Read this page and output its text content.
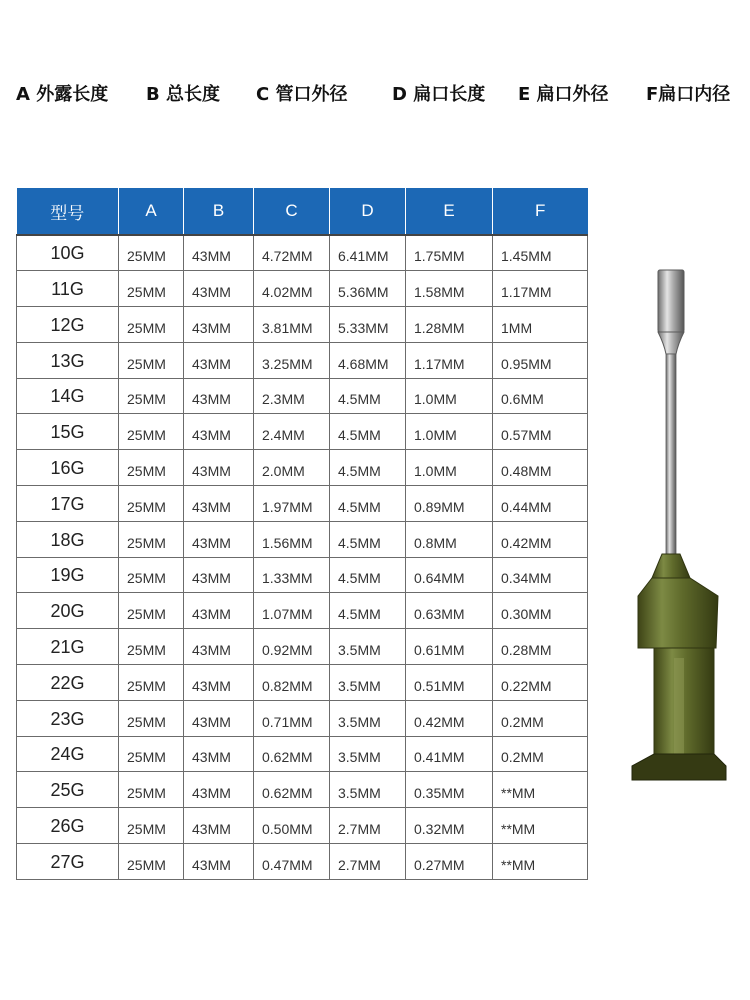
A 外露长度 B 总长度 C 管口外径 D 扁口长度 E 扁口外径 F扁口内径
型号	A	B	C	D	E	F
10G	25MM	43MM	4.72MM	6.41MM	1.75MM	1.45MM
11G	25MM	43MM	4.02MM	5.36MM	1.58MM	1.17MM
12G	25MM	43MM	3.81MM	5.33MM	1.28MM	1MM
13G	25MM	43MM	3.25MM	4.68MM	1.17MM	0.95MM
14G	25MM	43MM	2.3MM	4.5MM	1.0MM	0.6MM
15G	25MM	43MM	2.4MM	4.5MM	1.0MM	0.57MM
16G	25MM	43MM	2.0MM	4.5MM	1.0MM	0.48MM
17G	25MM	43MM	1.97MM	4.5MM	0.89MM	0.44MM
18G	25MM	43MM	1.56MM	4.5MM	0.8MM	0.42MM
19G	25MM	43MM	1.33MM	4.5MM	0.64MM	0.34MM
20G	25MM	43MM	1.07MM	4.5MM	0.63MM	0.30MM
21G	25MM	43MM	0.92MM	3.5MM	0.61MM	0.28MM
22G	25MM	43MM	0.82MM	3.5MM	0.51MM	0.22MM
23G	25MM	43MM	0.71MM	3.5MM	0.42MM	0.2MM
24G	25MM	43MM	0.62MM	3.5MM	0.41MM	0.2MM
25G	25MM	43MM	0.62MM	3.5MM	0.35MM	**MM
26G	25MM	43MM	0.50MM	2.7MM	0.32MM	**MM
27G	25MM	43MM	0.47MM	2.7MM	0.27MM	**MM
